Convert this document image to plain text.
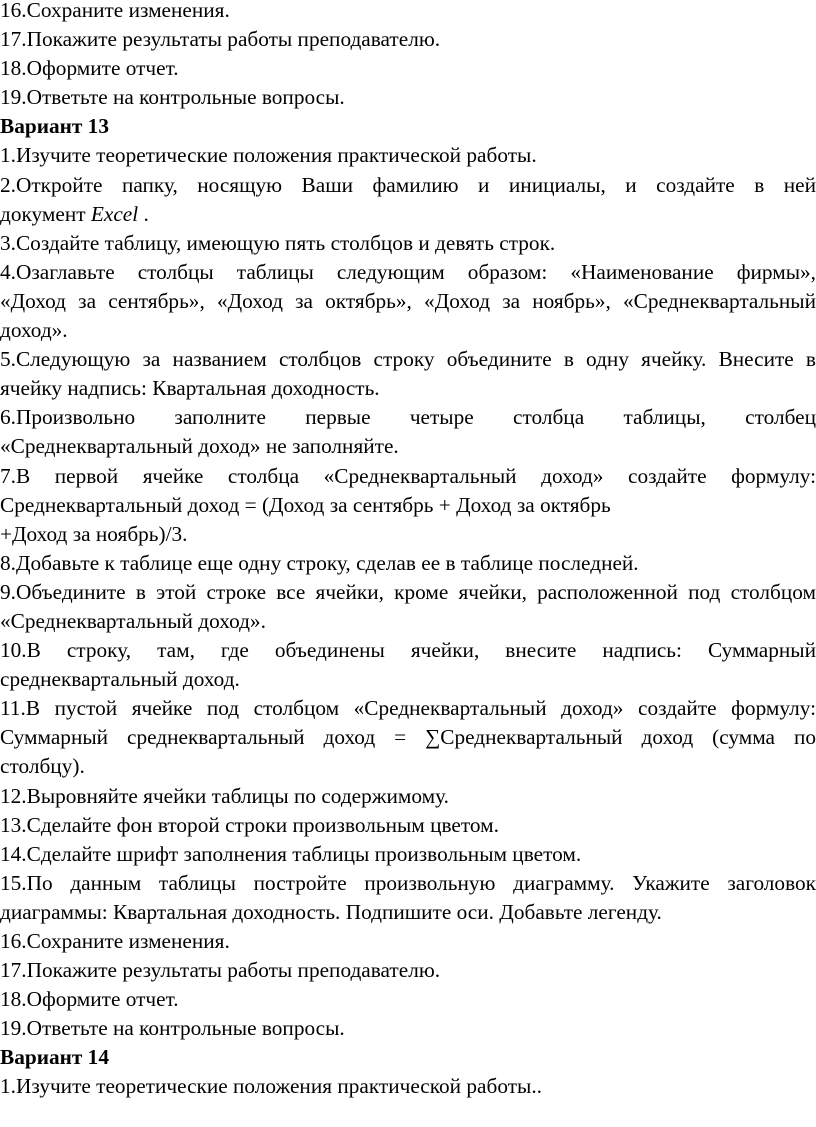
16.Сохраните изменения.
17.Покажите результаты работы преподавателю.
18.Оформите отчет.
19.Ответьте на контрольные вопросы.
Вариант 13
1.Изучите теоретические положения практической работы.
2.Откройте папку, носящую Ваши фамилию и инициалы, и создайте в ней
документ Excel .
3.Создайте таблицу, имеющую пять столбцов и девять строк.
4.Озаглавьте столбцы таблицы следующим образом: «Наименование фирмы»,
«Доход за сентябрь», «Доход за октябрь», «Доход за ноябрь», «Среднеквартальный
доход».
5.Следующую за названием столбцов строку объедините в одну ячейку. Внесите в
ячейку надпись: Квартальная доходность.
6.Произвольно заполните первые четыре столбца таблицы, столбец
«Среднеквартальный доход» не заполняйте.
7.В первой ячейке столбца «Среднеквартальный доход» создайте формулу:
Среднеквартальный доход = (Доход за сентябрь + Доход за октябрь
+Доход за ноябрь)/3.
8.Добавьте к таблице еще одну строку, сделав ее в таблице последней.
9.Объедините в этой строке все ячейки, кроме ячейки, расположенной под столбцом
«Среднеквартальный доход».
10.В строку, там, где объединены ячейки, внесите надпись: Суммарный
среднеквартальный доход.
11.В пустой ячейке под столбцом «Среднеквартальный доход» создайте формулу:
Суммарный среднеквартальный доход = ∑Среднеквартальный доход (сумма по
столбцу).
12.Выровняйте ячейки таблицы по содержимому.
13.Сделайте фон второй строки произвольным цветом.
14.Сделайте шрифт заполнения таблицы произвольным цветом.
15.По данным таблицы постройте произвольную диаграмму. Укажите заголовок
диаграммы: Квартальная доходность. Подпишите оси. Добавьте легенду.
16.Сохраните изменения.
17.Покажите результаты работы преподавателю.
18.Оформите отчет.
19.Ответьте на контрольные вопросы.
Вариант 14
1.Изучите теоретические положения практической работы..
